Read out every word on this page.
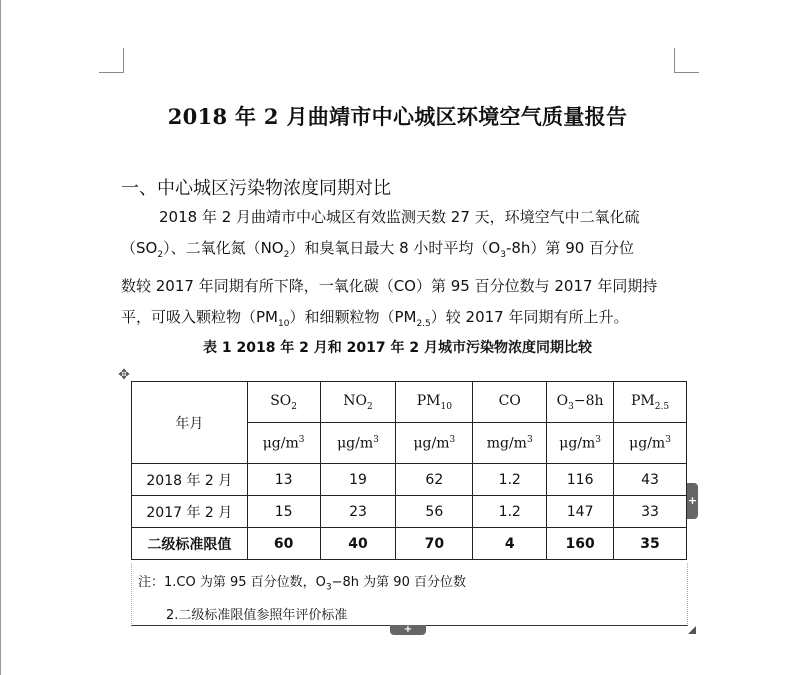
2018 年 2 月曲靖市中心城区环境空气质量报告
一、中心城区污染物浓度同期对比
2018 年 2 月曲靖市中心城区有效监测天数 27 天，环境空气中二氧化硫
$(SO_2)$、二氧化氮$(NO_2)$和臭氧日最大 8 小时平均$(O_3-8h)$第 90 百分位
数较 2017 年同期有所下降，一氧化碳（CO）第 95 百分位数与 2017 年同期持
平，可吸入颗粒物$(PM_{10})$和细颗粒物$(PM_{2.5})$较 2017 年同期有所上升。
表 1 2018 年 2 月和 2017 年 2 月城市污染物浓度同期比较
✥
年月	$SO_2$	$NO_2$	$PM_{10}$	CO	$O_3-8h$	$PM_{2.5}$
	$\mu g/m^3$	$\mu g/m^3$	$\mu g/m^3$	$mg/m^3$	$\mu g/m^3$	$\mu g/m^3$
2018 年 2 月	13	19	62	1.2	116	43
2017 年 2 月	15	23	56	1.2	147	33
二级标准限值	60	40	70	4	160	35
注：1.CO 为第 95 百分位数，$O_3-8h$ 为第 90 百分位数
2.二级标准限值参照年评价标准
+
+
